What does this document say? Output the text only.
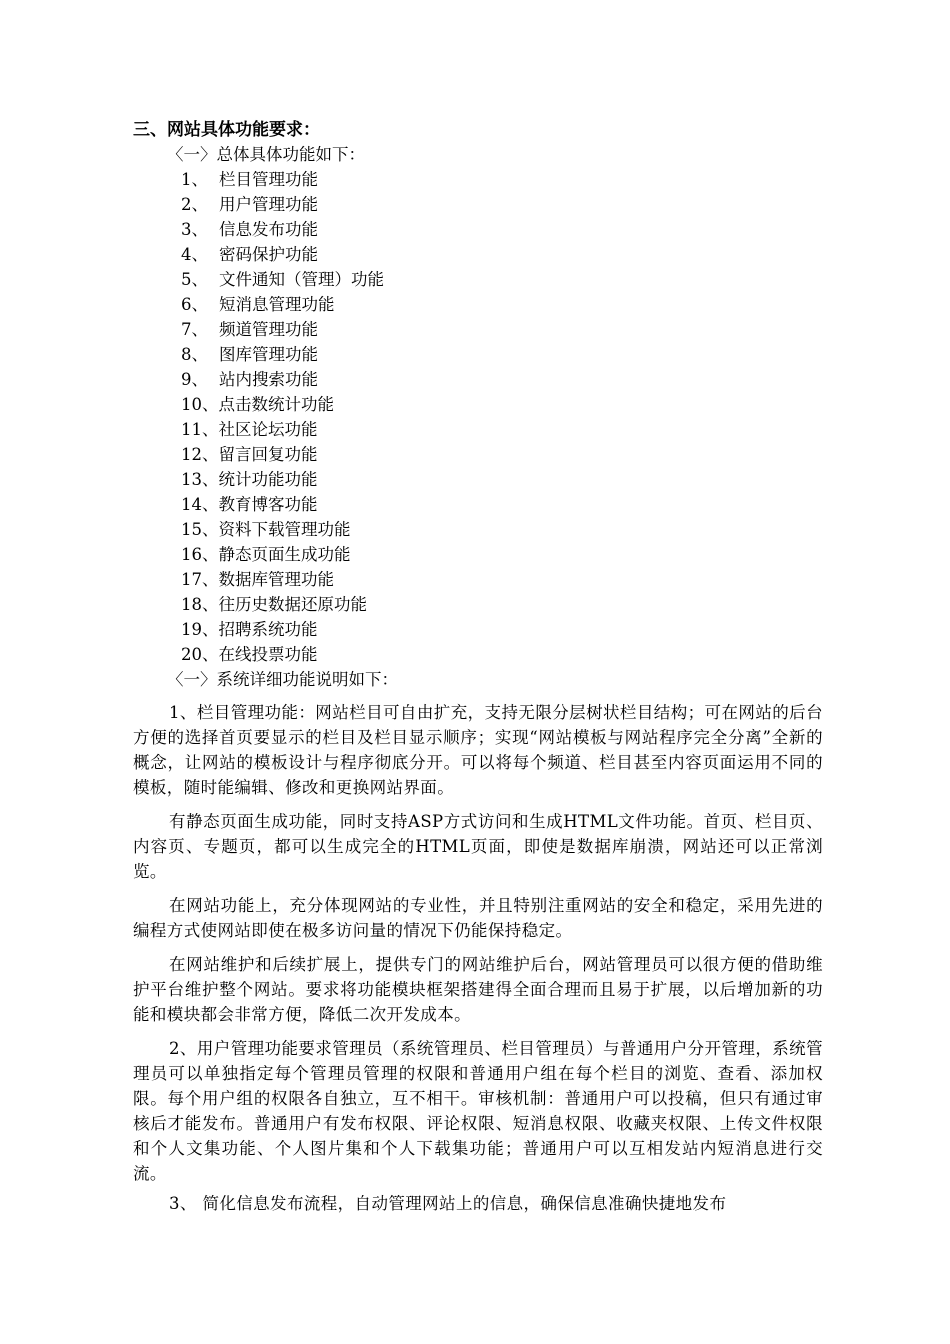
三、网站具体功能要求：
〈一〉总体具体功能如下：
1、 栏目管理功能
2、 用户管理功能
3、 信息发布功能
4、 密码保护功能
5、 文件通知（管理）功能
6、 短消息管理功能
7、 频道管理功能
8、 图库管理功能
9、 站内搜索功能
10、 点击数统计功能
11、 社区论坛功能
12、 留言回复功能
13、 统计功能功能
14、 教育博客功能
15、 资料下载管理功能
16、 静态页面生成功能
17、 数据库管理功能
18、 往历史数据还原功能
19、 招聘系统功能
20、 在线投票功能
〈一〉系统详细功能说明如下：

1、栏目管理功能：网站栏目可自由扩充，支持无限分层树状栏目结构；可在网站的后台方便的选择首页要显示的栏目及栏目显示顺序；实现“网站模板与网站程序完全分离”全新的概念，让网站的模板设计与程序彻底分开。可以将每个频道、栏目甚至内容页面运用不同的模板，随时能编辑、修改和更换网站界面。

有静态页面生成功能，同时支持ASP方式访问和生成HTML文件功能。首页、栏目页、内容页、专题页，都可以生成完全的HTML页面，即使是数据库崩溃，网站还可以正常浏览。

在网站功能上，充分体现网站的专业性，并且特别注重网站的安全和稳定，采用先进的编程方式使网站即使在极多访问量的情况下仍能保持稳定。

在网站维护和后续扩展上，提供专门的网站维护后台，网站管理员可以很方便的借助维护平台维护整个网站。要求将功能模块框架搭建得全面合理而且易于扩展，以后增加新的功能和模块都会非常方便，降低二次开发成本。

2、用户管理功能要求管理员（系统管理员、栏目管理员）与普通用户分开管理，系统管理员可以单独指定每个管理员管理的权限和普通用户组在每个栏目的浏览、查看、添加权限。每个用户组的权限各自独立，互不相干。审核机制：普通用户可以投稿，但只有通过审核后才能发布。普通用户有发布权限、评论权限、短消息权限、收藏夹权限、上传文件权限和个人文集功能、个人图片集和个人下载集功能；普通用户可以互相发站内短消息进行交流。

3、 简化信息发布流程，自动管理网站上的信息，确保信息准确快捷地发布
